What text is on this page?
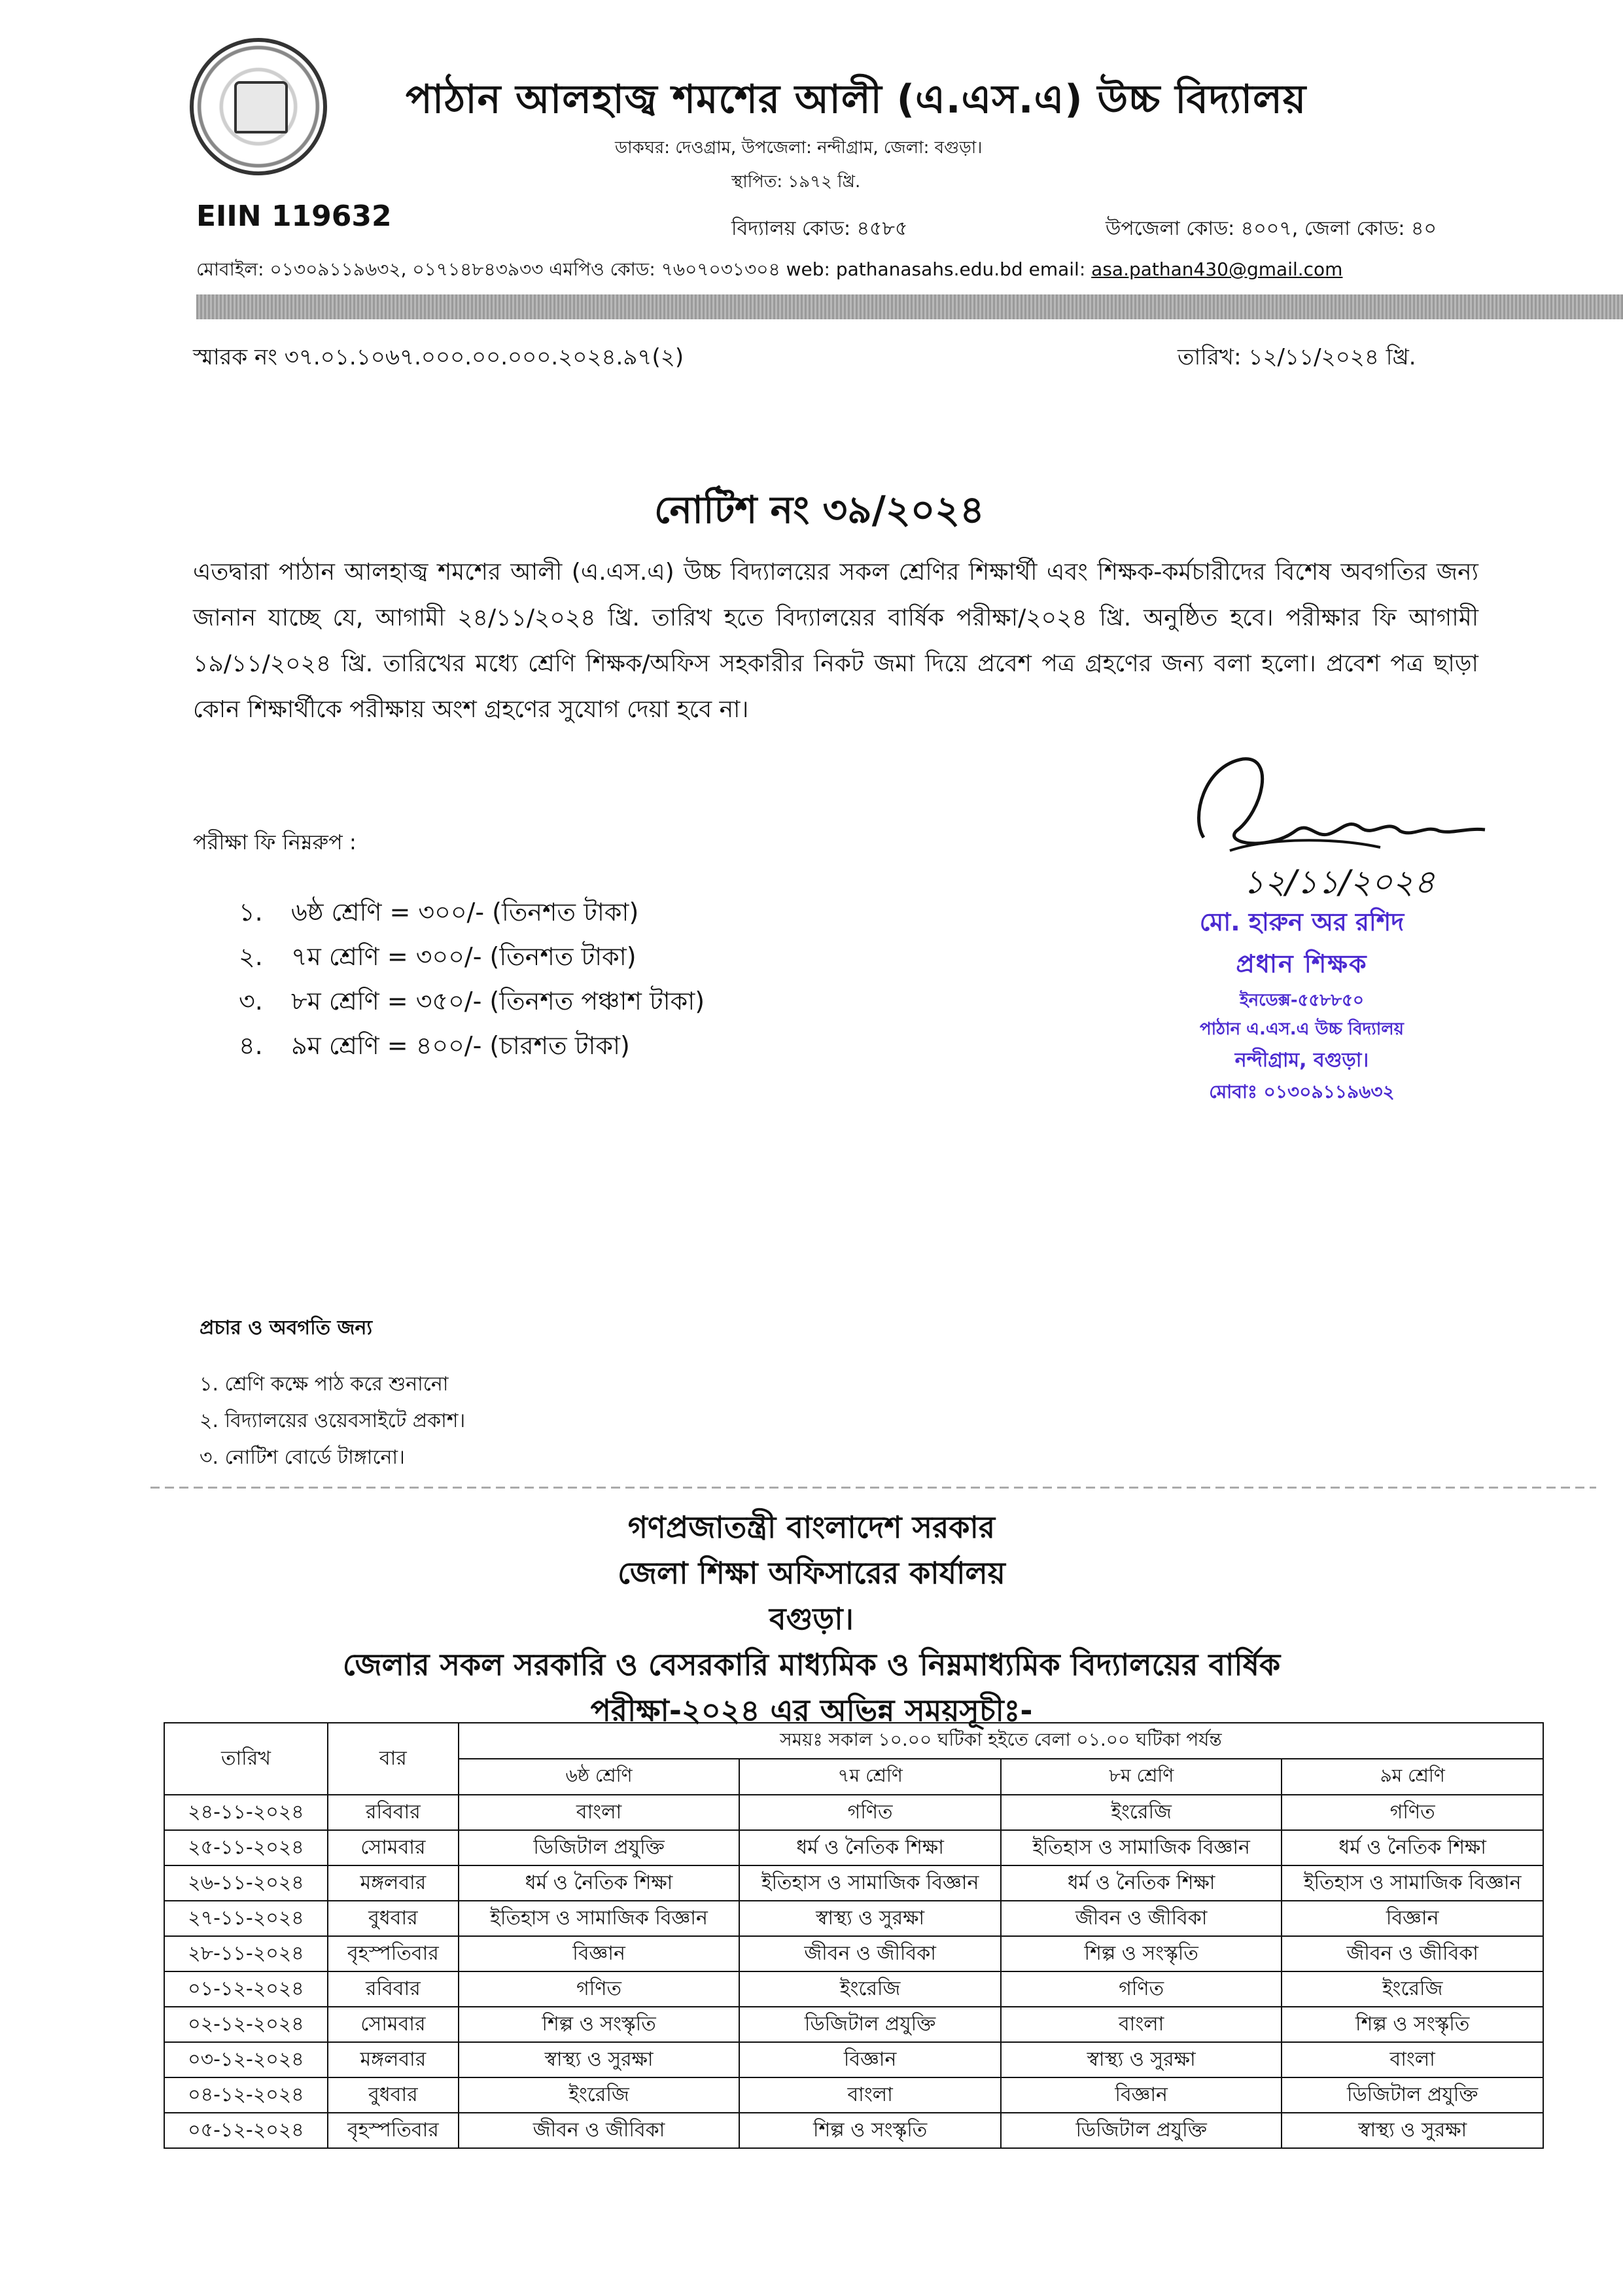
পাঠান আলহাজ্ব শমশের আলী (এ.এস.এ) উচ্চ বিদ্যালয়
ডাকঘর: দেওগ্রাম, উপজেলা: নন্দীগ্রাম, জেলা: বগুড়া।
স্থাপিত: ১৯৭২ খ্রি.
EIIN 119632	বিদ্যালয় কোড: ৪৫৮৫	উপজেলা কোড: ৪০০৭, জেলা কোড: ৪০
মোবাইল: ০১৩০৯১১৯৬৩২, ০১৭১৪৮৪৩৯৩৩ এমপিও কোড: ৭৬০৭০৩১৩০৪ web: pathanasahs.edu.bd email: asa.pathan430@gmail.com
স্মারক নং ৩৭.০১.১০৬৭.০০০.০০.০০০.২০২৪.৯৭(২)	তারিখ: ১২/১১/২০২৪ খ্রি.
নোটিশ নং ৩৯/২০২৪
এতদ্বারা পাঠান আলহাজ্ব শমশের আলী (এ.এস.এ) উচ্চ বিদ্যালয়ের সকল শ্রেণির শিক্ষার্থী এবং শিক্ষক-কর্মচারীদের বিশেষ অবগতির জন্য জানান যাচ্ছে যে, আগামী ২৪/১১/২০২৪ খ্রি. তারিখ হতে বিদ্যালয়ের বার্ষিক পরীক্ষা/২০২৪ খ্রি. অনুষ্ঠিত হবে। পরীক্ষার ফি আগামী ১৯/১১/২০২৪ খ্রি. তারিখের মধ্যে শ্রেণি শিক্ষক/অফিস সহকারীর নিকট জমা দিয়ে প্রবেশ পত্র গ্রহণের জন্য বলা হলো। প্রবেশ পত্র ছাড়া কোন শিক্ষার্থীকে পরীক্ষায় অংশ গ্রহণের সুযোগ দেয়া হবে না।
পরীক্ষা ফি নিম্নরুপ :
১. ৬ষ্ঠ শ্রেণি = ৩০০/- (তিনশত টাকা)
২. ৭ম শ্রেণি = ৩০০/- (তিনশত টাকা)
৩. ৮ম শ্রেণি = ৩৫০/- (তিনশত পঞ্চাশ টাকা)
৪. ৯ম শ্রেণি = ৪০০/- (চারশত টাকা)
১২/১১/২০২৪
মো. হারুন অর রশিদ
প্রধান শিক্ষক
ইনডেক্স-৫৫৮৮৫০
পাঠান এ.এস.এ উচ্চ বিদ্যালয়
নন্দীগ্রাম, বগুড়া।
মোবাঃ ০১৩০৯১১৯৬৩২
প্রচার ও অবগতি জন্য
১. শ্রেণি কক্ষে পাঠ করে শুনানো
২. বিদ্যালয়ের ওয়েবসাইটে প্রকাশ।
৩. নোটিশ বোর্ডে টাঙ্গানো।
গণপ্রজাতন্ত্রী বাংলাদেশ সরকার
জেলা শিক্ষা অফিসারের কার্যালয়
বগুড়া।
জেলার সকল সরকারি ও বেসরকারি মাধ্যমিক ও নিম্নমাধ্যমিক বিদ্যালয়ের বার্ষিক
পরীক্ষা-২০২৪ এর অভিন্ন সময়সূচীঃ-
তারিখ	বার	সময়ঃ সকাল ১০.০০ ঘটিকা হইতে বেলা ০১.০০ ঘটিকা পর্যন্ত			
		৬ষ্ঠ শ্রেণি	৭ম শ্রেণি	৮ম শ্রেণি	৯ম শ্রেণি
২৪-১১-২০২৪	রবিবার	বাংলা	গণিত	ইংরেজি	গণিত
২৫-১১-২০২৪	সোমবার	ডিজিটাল প্রযুক্তি	ধর্ম ও নৈতিক শিক্ষা	ইতিহাস ও সামাজিক বিজ্ঞান	ধর্ম ও নৈতিক শিক্ষা
২৬-১১-২০২৪	মঙ্গলবার	ধর্ম ও নৈতিক শিক্ষা	ইতিহাস ও সামাজিক বিজ্ঞান	ধর্ম ও নৈতিক শিক্ষা	ইতিহাস ও সামাজিক বিজ্ঞান
২৭-১১-২০২৪	বুধবার	ইতিহাস ও সামাজিক বিজ্ঞান	স্বাস্থ্য ও সুরক্ষা	জীবন ও জীবিকা	বিজ্ঞান
২৮-১১-২০২৪	বৃহস্পতিবার	বিজ্ঞান	জীবন ও জীবিকা	শিল্প ও সংস্কৃতি	জীবন ও জীবিকা
০১-১২-২০২৪	রবিবার	গণিত	ইংরেজি	গণিত	ইংরেজি
০২-১২-২০২৪	সোমবার	শিল্প ও সংস্কৃতি	ডিজিটাল প্রযুক্তি	বাংলা	শিল্প ও সংস্কৃতি
০৩-১২-২০২৪	মঙ্গলবার	স্বাস্থ্য ও সুরক্ষা	বিজ্ঞান	স্বাস্থ্য ও সুরক্ষা	বাংলা
০৪-১২-২০২৪	বুধবার	ইংরেজি	বাংলা	বিজ্ঞান	ডিজিটাল প্রযুক্তি
০৫-১২-২০২৪	বৃহস্পতিবার	জীবন ও জীবিকা	শিল্প ও সংস্কৃতি	ডিজিটাল প্রযুক্তি	স্বাস্থ্য ও সুরক্ষা
